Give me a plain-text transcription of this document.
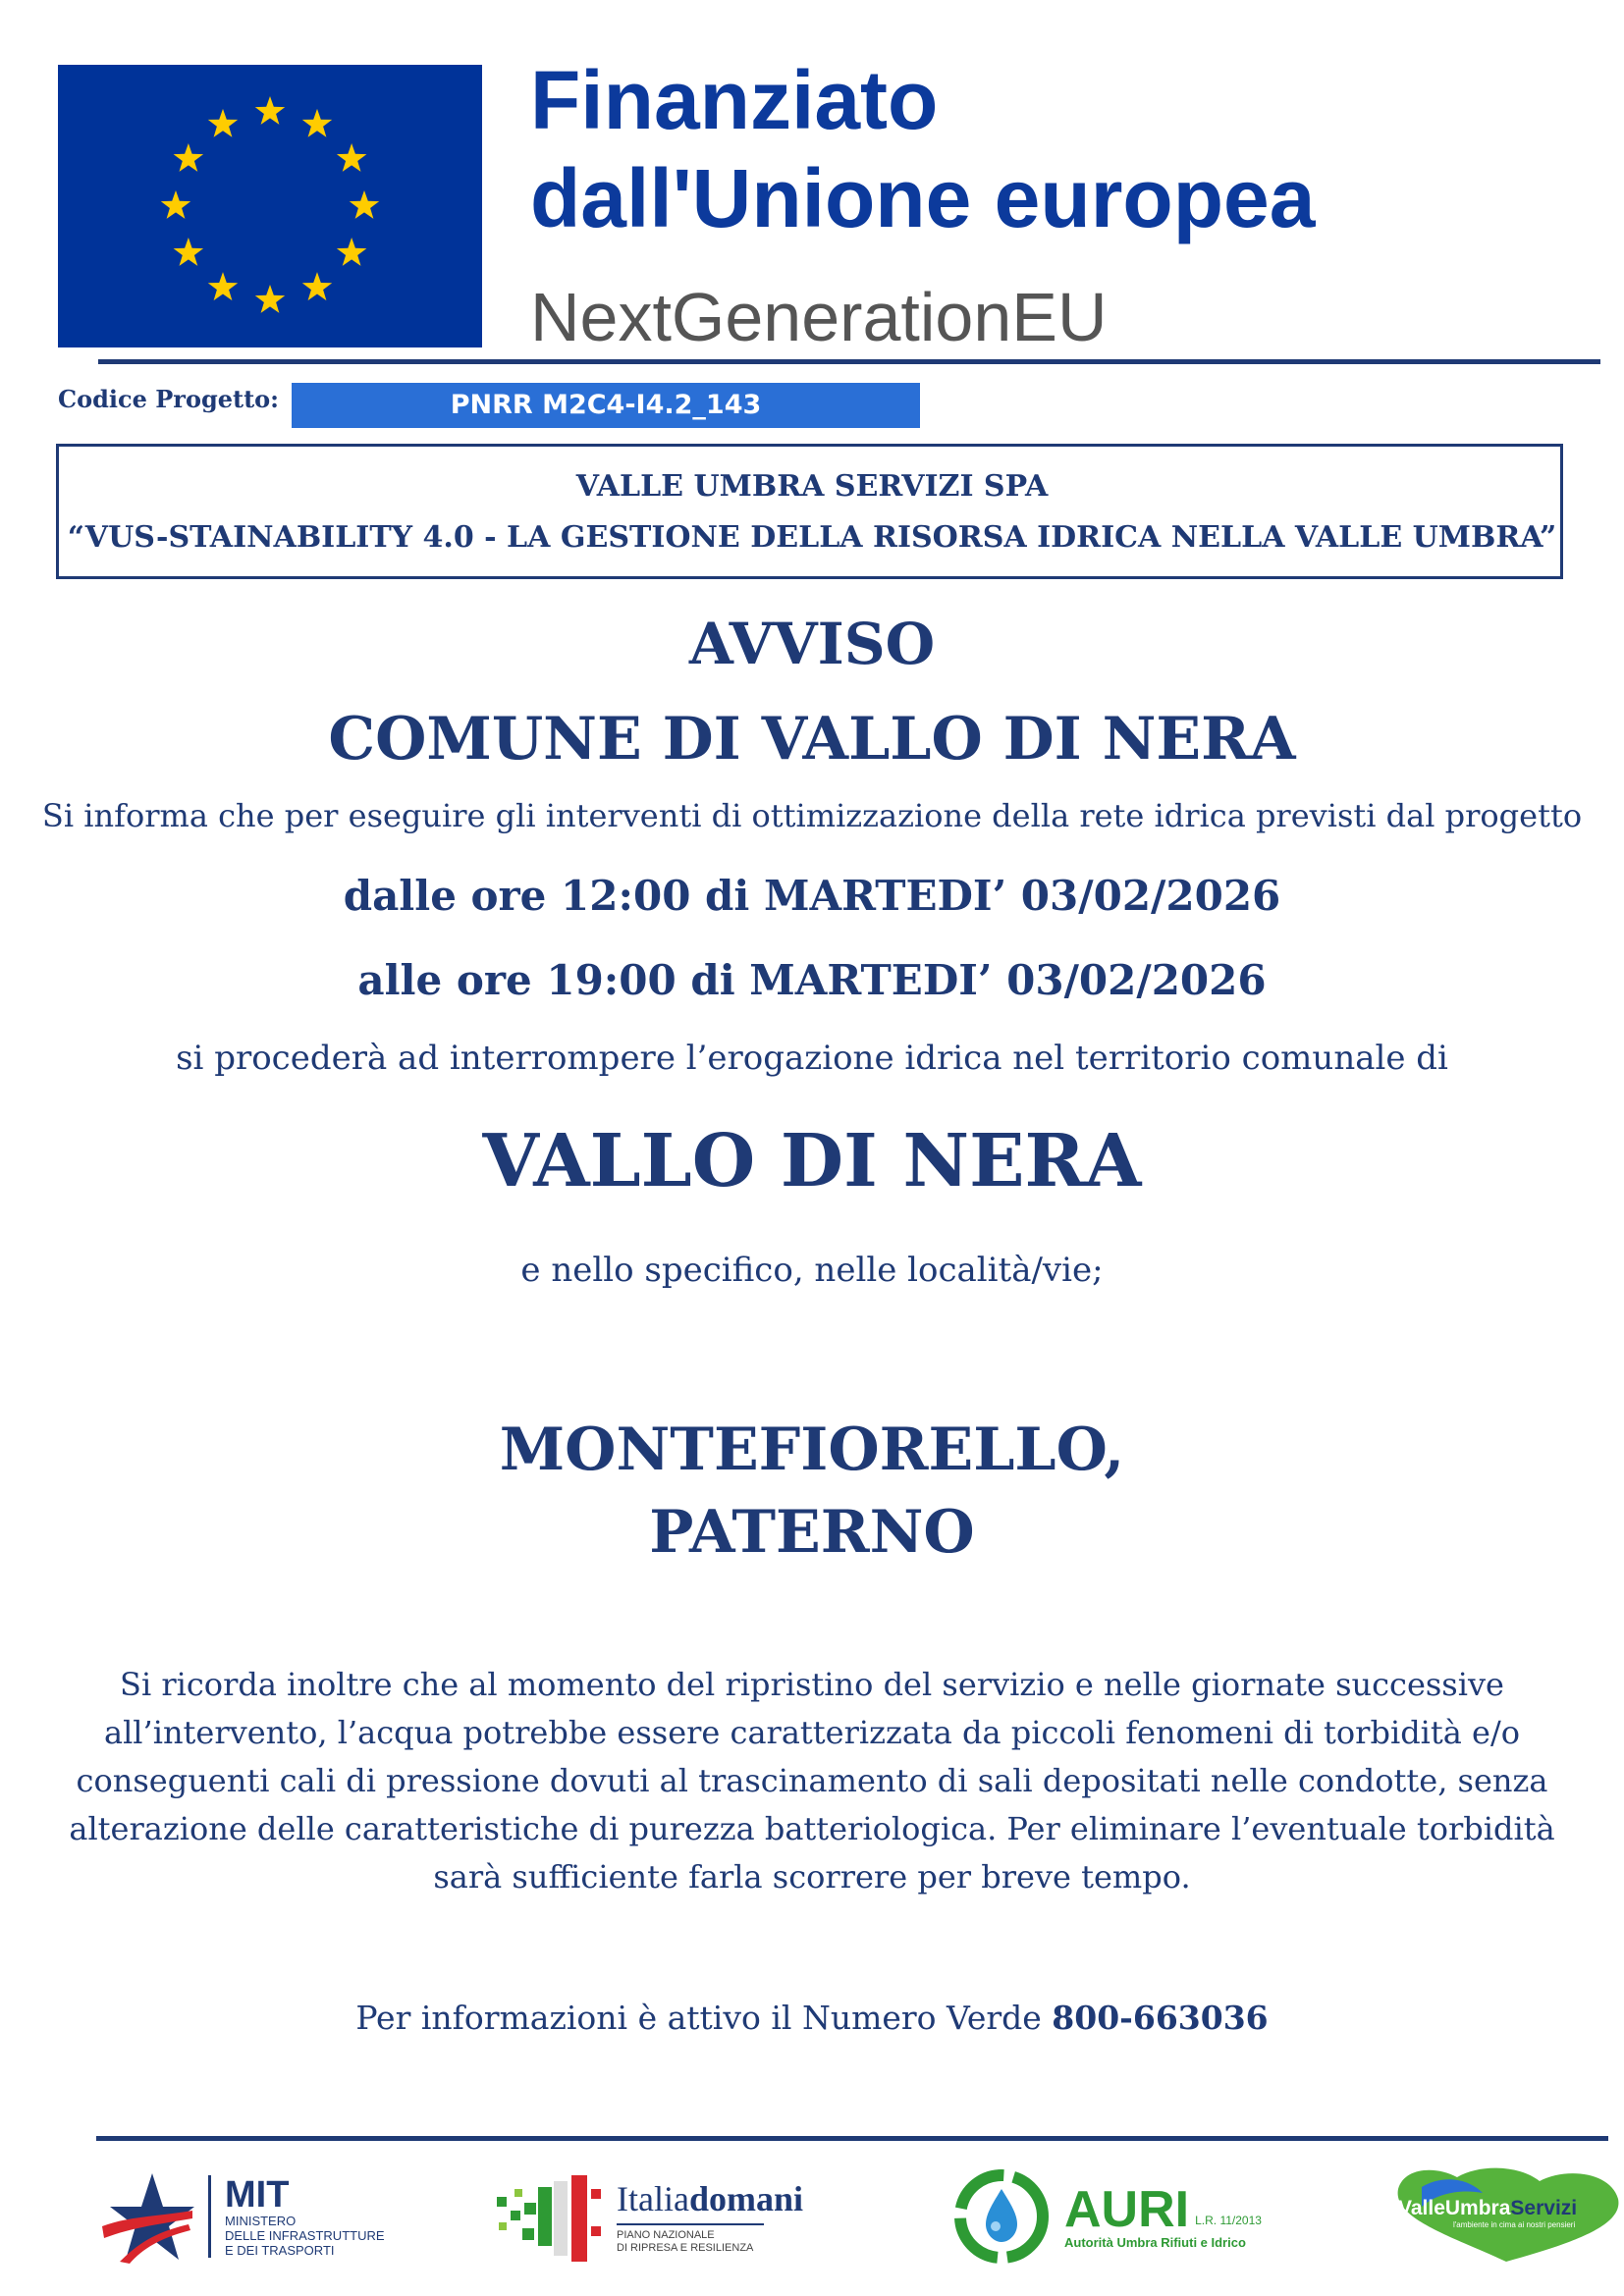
Finanziato
dall'Unione europea
NextGenerationEU
Codice Progetto:	PNRR M2C4-I4.2_143
VALLE UMBRA SERVIZI SPA
“VUS-STAINABILITY 4.0 - LA GESTIONE DELLA RISORSA IDRICA NELLA VALLE UMBRA”
AVVISO
COMUNE DI VALLO DI NERA
Si informa che per eseguire gli interventi di ottimizzazione della rete idrica previsti dal progetto
dalle ore 12:00 di MARTEDI’ 03/02/2026
alle ore 19:00 di MARTEDI’ 03/02/2026
si procederà ad interrompere l’erogazione idrica nel territorio comunale di
VALLO DI NERA
e nello specifico, nelle località/vie;
MONTEFIORELLO,
PATERNO
Si ricorda inoltre che al momento del ripristino del servizio e nelle giornate successive
all’intervento, l’acqua potrebbe essere caratterizzata da piccoli fenomeni di torbidità e/o
conseguenti cali di pressione dovuti al trascinamento di sali depositati nelle condotte, senza
alterazione delle caratteristiche di purezza batteriologica. Per eliminare l’eventuale torbidità
sarà sufficiente farla scorrere per breve tempo.
Per informazioni è attivo il Numero Verde 800-663036
MIT
MINISTERO
DELLE INFRASTRUTTURE
E DEI TRASPORTI
Italiadomani
PIANO NAZIONALE
DI RIPRESA E RESILIENZA
AURI L.R. 11/2013
Autorità Umbra Rifiuti e Idrico
ValleUmbraServizi
l'ambiente in cima ai nostri pensieri
